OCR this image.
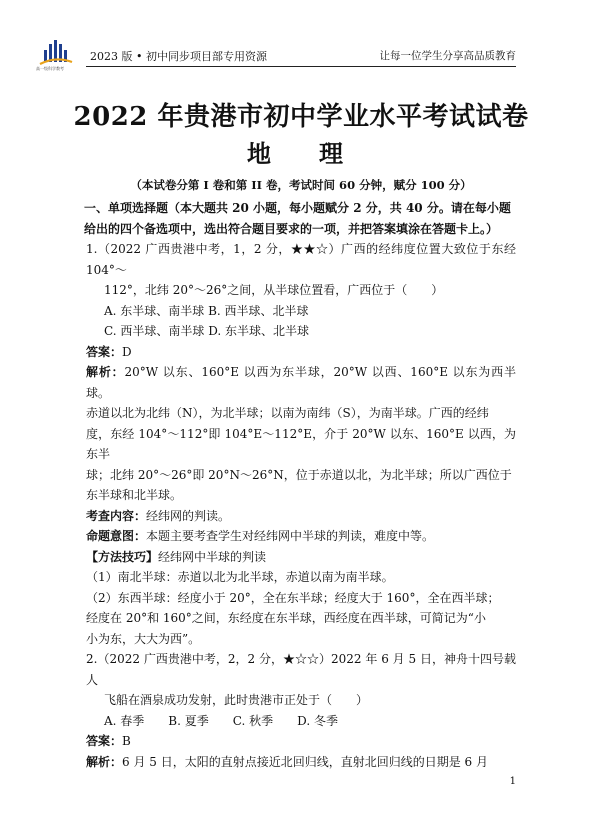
高一级科学教考
2023 版 • 初中同步项目部专用资源	让每一位学生分享高品质教育
2022 年贵港市初中学业水平考试试卷
地　理
（本试卷分第 I 卷和第 II 卷，考试时间 60 分钟，赋分 100 分）

一、单项选择题（本大题共 20 小题，每小题赋分 2 分，共 40 分。请在每小题

给出的四个备选项中，选出符合题目要求的一项，并把答案填涂在答题卡上。）

1.（2022 广西贵港中考，1，2 分，★★☆）广西的经纬度位置大致位于东经 104°～

112°，北纬 20°～26°之间，从半球位置看，广西位于（　　）

A. 东半球、南半球 B. 西半球、北半球

C. 西半球、南半球 D. 东半球、北半球

答案：D

解析：20°W 以东、160°E 以西为东半球，20°W 以西、160°E 以东为西半球。

赤道以北为北纬（N），为北半球；以南为南纬（S），为南半球。广西的经纬

度，东经 104°～112°即 104°E～112°E，介于 20°W 以东、160°E 以西，为东半

球；北纬 20°～26°即 20°N～26°N，位于赤道以北，为北半球；所以广西位于

东半球和北半球。

考查内容：经纬网的判读。

命题意图：本题主要考查学生对经纬网中半球的判读，难度中等。

【方法技巧】经纬网中半球的判读

（1）南北半球：赤道以北为北半球，赤道以南为南半球。

（2）东西半球：经度小于 20°，全在东半球；经度大于 160°，全在西半球；

经度在 20°和 160°之间，东经度在东半球，西经度在西半球，可简记为“小

小为东，大大为西”。

2.（2022 广西贵港中考，2，2 分，★☆☆）2022 年 6 月 5 日，神舟十四号载人

飞船在酒泉成功发射，此时贵港市正处于（　　）

A. 春季　　B. 夏季　　C. 秋季　　D. 冬季

答案：B

解析：6 月 5 日，太阳的直射点接近北回归线，直射北回归线的日期是 6 月

1
